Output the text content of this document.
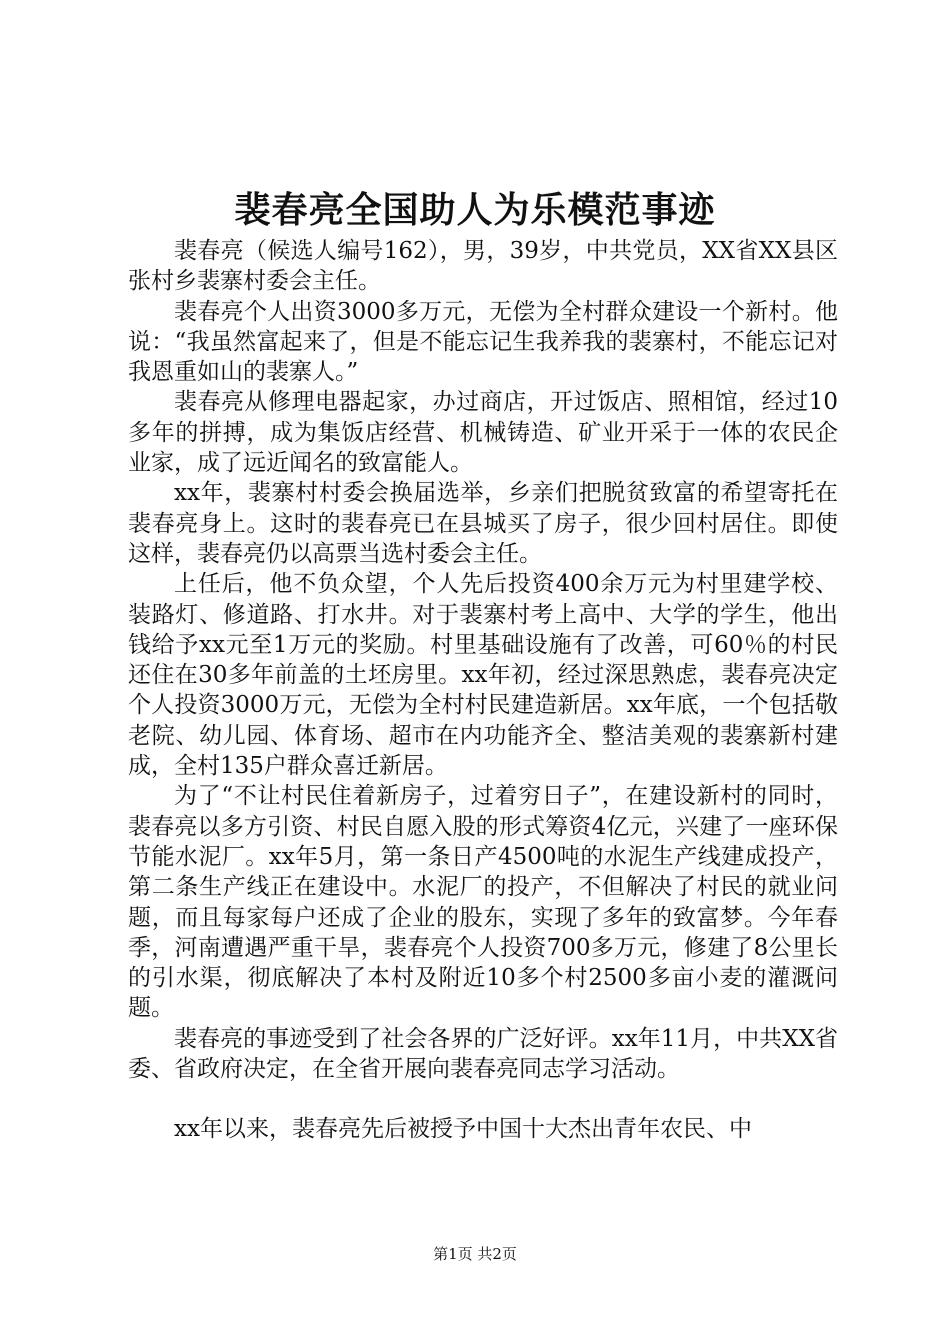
裴春亮全国助人为乐模范事迹

裴春亮（候选人编号162），男，39岁，中共党员，XX省XX县区张村乡裴寨村委会主任。

裴春亮个人出资3000多万元，无偿为全村群众建设一个新村。他说：“我虽然富起来了，但是不能忘记生我养我的裴寨村，不能忘记对我恩重如山的裴寨人。”

裴春亮从修理电器起家，办过商店，开过饭店、照相馆，经过10多年的拼搏，成为集饭店经营、机械铸造、矿业开采于一体的农民企业家，成了远近闻名的致富能人。

xx年，裴寨村村委会换届选举，乡亲们把脱贫致富的希望寄托在裴春亮身上。这时的裴春亮已在县城买了房子，很少回村居住。即使这样，裴春亮仍以高票当选村委会主任。

上任后，他不负众望，个人先后投资400余万元为村里建学校、装路灯、修道路、打水井。对于裴寨村考上高中、大学的学生，他出钱给予xx元至1万元的奖励。村里基础设施有了改善，可60％的村民还住在30多年前盖的土坯房里。xx年初，经过深思熟虑，裴春亮决定个人投资3000万元，无偿为全村村民建造新居。xx年底，一个包括敬老院、幼儿园、体育场、超市在内功能齐全、整洁美观的裴寨新村建成，全村135户群众喜迁新居。

为了“不让村民住着新房子，过着穷日子”，在建设新村的同时，裴春亮以多方引资、村民自愿入股的形式筹资4亿元，兴建了一座环保节能水泥厂。xx年5月，第一条日产4500吨的水泥生产线建成投产，第二条生产线正在建设中。水泥厂的投产，不但解决了村民的就业问题，而且每家每户还成了企业的股东，实现了多年的致富梦。今年春季，河南遭遇严重干旱，裴春亮个人投资700多万元，修建了8公里长的引水渠，彻底解决了本村及附近10多个村2500多亩小麦的灌溉问题。

裴春亮的事迹受到了社会各界的广泛好评。xx年11月，中共XX省委、省政府决定，在全省开展向裴春亮同志学习活动。

xx年以来，裴春亮先后被授予中国十大杰出青年农民、中

第1页 共2页
